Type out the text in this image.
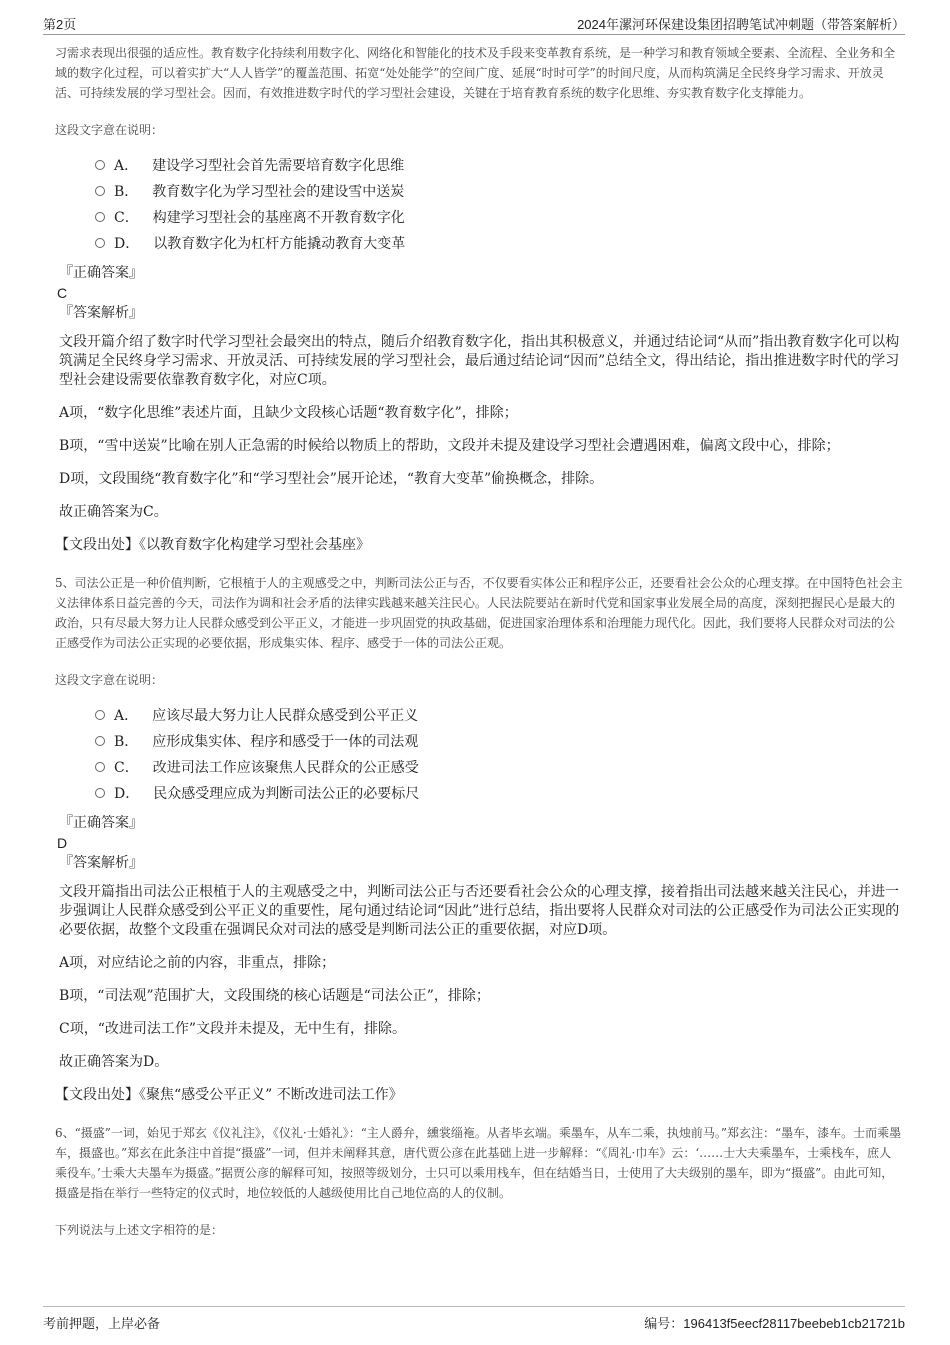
第2页	2024年漯河环保建设集团招聘笔试冲刺题（带答案解析）

习需求表现出很强的适应性。教育数字化持续利用数字化、网络化和智能化的技术及手段来变革教育系统，是一种学习和教育领域全要素、全流程、全业务和全域的数字化过程，可以着实扩大“人人皆学”的覆盖范围、拓宽“处处能学”的空间广度、延展“时时可学”的时间尺度，从而构筑满足全民终身学习需求、开放灵活、可持续发展的学习型社会。因而，有效推进数字时代的学习型社会建设，关键在于培育教育系统的数字化思维、夯实教育数字化支撑能力。

这段文字意在说明：

A． 建设学习型社会首先需要培育数字化思维
B． 教育数字化为学习型社会的建设雪中送炭
C． 构建学习型社会的基座离不开教育数字化
D． 以教育数字化为杠杆方能撬动教育大变革

『正确答案』

C

『答案解析』

文段开篇介绍了数字时代学习型社会最突出的特点，随后介绍教育数字化，指出其积极意义，并通过结论词“从而”指出教育数字化可以构筑满足全民终身学习需求、开放灵活、可持续发展的学习型社会，最后通过结论词“因而”总结全文，得出结论，指出推进数字时代的学习型社会建设需要依靠教育数字化，对应C项。

A项，“数字化思维”表述片面，且缺少文段核心话题“教育数字化”，排除；

B项，“雪中送炭”比喻在别人正急需的时候给以物质上的帮助，文段并未提及建设学习型社会遭遇困难，偏离文段中心，排除；

D项，文段围绕“教育数字化”和“学习型社会”展开论述，“教育大变革”偷换概念，排除。

故正确答案为C。

【文段出处】《以教育数字化构建学习型社会基座》

5、司法公正是一种价值判断，它根植于人的主观感受之中，判断司法公正与否，不仅要看实体公正和程序公正，还要看社会公众的心理支撑。在中国特色社会主义法律体系日益完善的今天，司法作为调和社会矛盾的法律实践越来越关注民心。人民法院要站在新时代党和国家事业发展全局的高度，深刻把握民心是最大的政治，只有尽最大努力让人民群众感受到公平正义，才能进一步巩固党的执政基础，促进国家治理体系和治理能力现代化。因此，我们要将人民群众对司法的公正感受作为司法公正实现的必要依据，形成集实体、程序、感受于一体的司法公正观。

这段文字意在说明：

A． 应该尽最大努力让人民群众感受到公平正义
B． 应形成集实体、程序和感受于一体的司法观
C． 改进司法工作应该聚焦人民群众的公正感受
D． 民众感受理应成为判断司法公正的必要标尺

『正确答案』

D

『答案解析』

文段开篇指出司法公正根植于人的主观感受之中，判断司法公正与否还要看社会公众的心理支撑，接着指出司法越来越关注民心，并进一步强调让人民群众感受到公平正义的重要性，尾句通过结论词“因此”进行总结，指出要将人民群众对司法的公正感受作为司法公正实现的必要依据，故整个文段重在强调民众对司法的感受是判断司法公正的重要依据，对应D项。

A项，对应结论之前的内容，非重点，排除；

B项，“司法观”范围扩大，文段围绕的核心话题是“司法公正”，排除；

C项，“改进司法工作”文段并未提及，无中生有，排除。

故正确答案为D。

【文段出处】《聚焦“感受公平正义” 不断改进司法工作》

6、“摄盛”一词，始见于郑玄《仪礼注》，《仪礼·士婚礼》：“主人爵弁，纁裳缁袘。从者毕玄端。乘墨车，从车二乘，执烛前马。”郑玄注：“墨车，漆车。士而乘墨车，摄盛也。”郑玄在此条注中首提“摄盛”一词，但并未阐释其意，唐代贾公彦在此基础上进一步解释：“《周礼·巾车》云：‘……士大夫乘墨车，士乘栈车，庶人乘役车。’士乘大夫墨车为摄盛。”据贾公彦的解释可知，按照等级划分，士只可以乘用栈车，但在结婚当日，士使用了大夫级别的墨车，即为“摄盛”。由此可知，摄盛是指在举行一些特定的仪式时，地位较低的人越级使用比自己地位高的人的仪制。

下列说法与上述文字相符的是：

考前押题，上岸必备	编号：196413f5eecf28117beebeb1cb21721b
